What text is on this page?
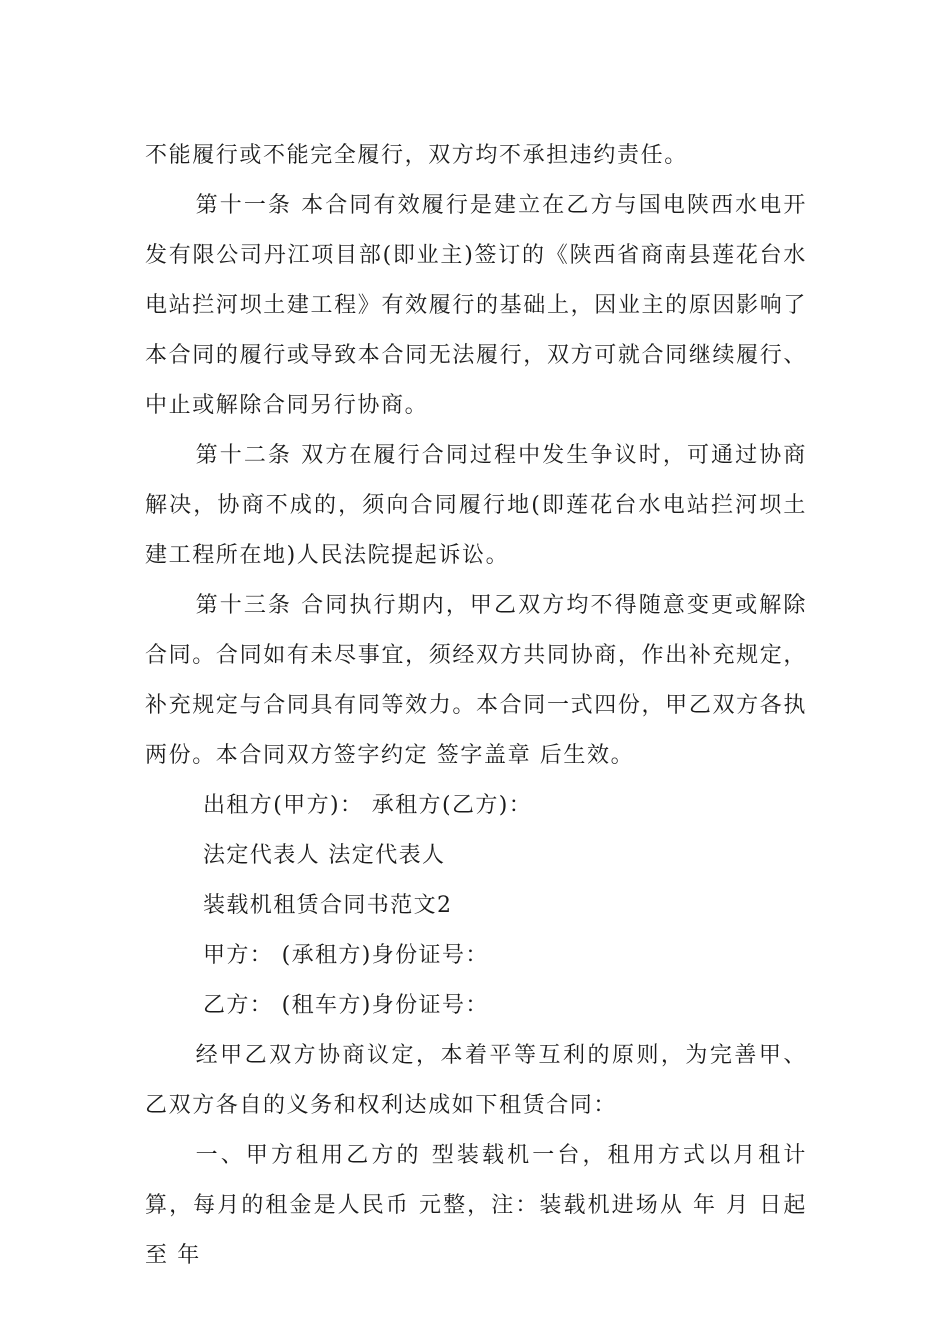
不能履行或不能完全履行，双方均不承担违约责任。

第十一条 本合同有效履行是建立在乙方与国电陕西水电开发有限公司丹江项目部(即业主)签订的《陕西省商南县莲花台水电站拦河坝土建工程》有效履行的基础上，因业主的原因影响了本合同的履行或导致本合同无法履行，双方可就合同继续履行、中止或解除合同另行协商。

第十二条 双方在履行合同过程中发生争议时，可通过协商解决，协商不成的，须向合同履行地(即莲花台水电站拦河坝土建工程所在地)人民法院提起诉讼。

第十三条 合同执行期内，甲乙双方均不得随意变更或解除合同。合同如有未尽事宜，须经双方共同协商，作出补充规定，补充规定与合同具有同等效力。本合同一式四份，甲乙双方各执两份。本合同双方签字约定 签字盖章 后生效。

出租方(甲方)： 承租方(乙方)：

法定代表人 法定代表人

装载机租赁合同书范文2

甲方： (承租方)身份证号：

乙方： (租车方)身份证号：

经甲乙双方协商议定，本着平等互利的原则，为完善甲、乙双方各自的义务和权利达成如下租赁合同：

一、甲方租用乙方的 型装载机一台，租用方式以月租计算，每月的租金是人民币 元整，注：装载机进场从 年 月 日起至 年
